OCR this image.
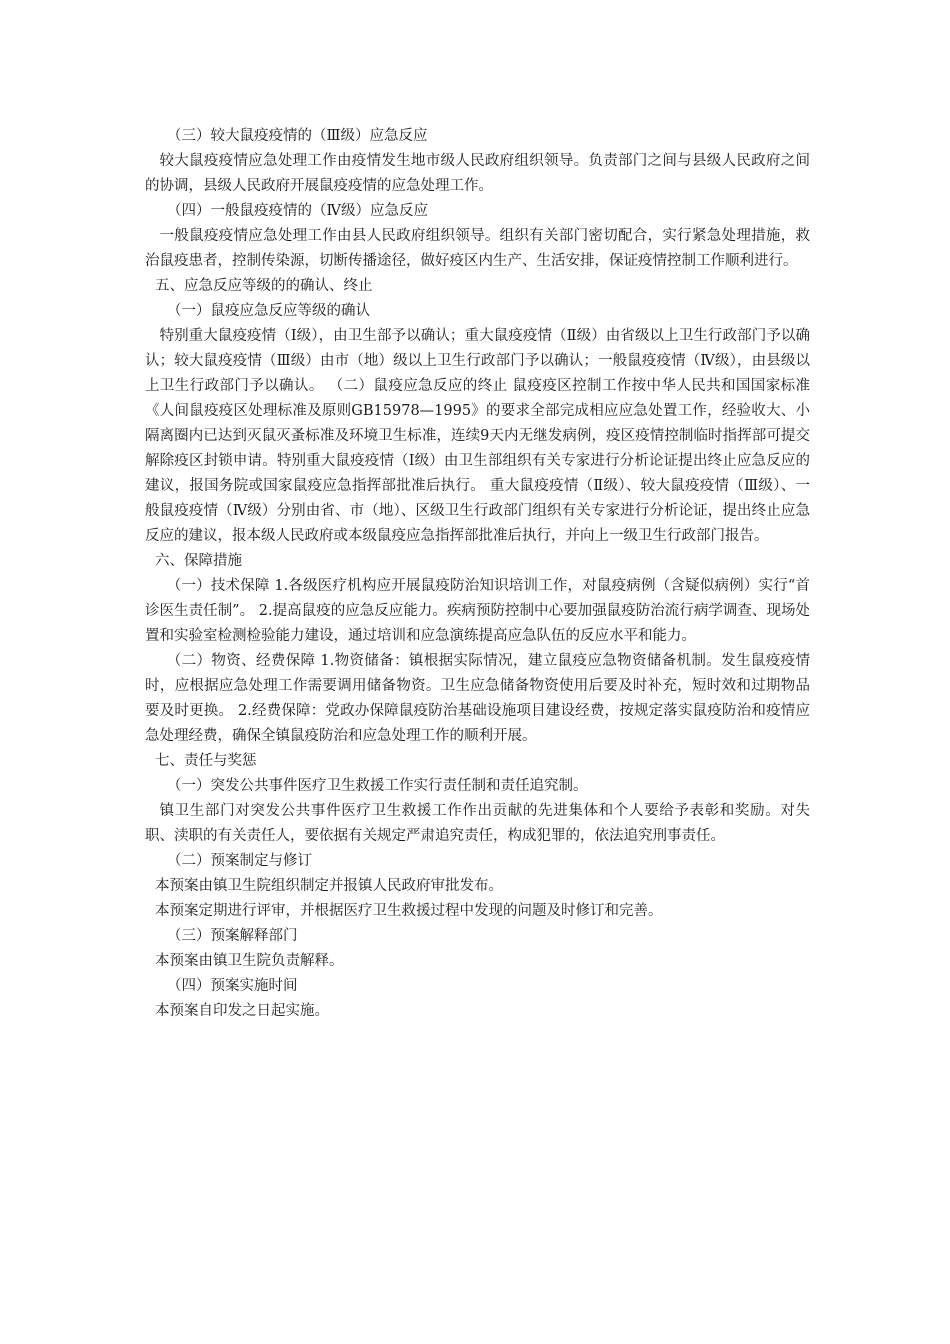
（三）较大鼠疫疫情的（Ⅲ级）应急反应

较大鼠疫疫情应急处理工作由疫情发生地市级人民政府组织领导。负责部门之间与县级人民政府之间的协调，县级人民政府开展鼠疫疫情的应急处理工作。

（四）一般鼠疫疫情的（Ⅳ级）应急反应

一般鼠疫疫情应急处理工作由县人民政府组织领导。组织有关部门密切配合，实行紧急处理措施，救治鼠疫患者，控制传染源，切断传播途径，做好疫区内生产、生活安排，保证疫情控制工作顺利进行。

五、应急反应等级的的确认、终止

（一）鼠疫应急反应等级的确认

特别重大鼠疫疫情（Ⅰ级），由卫生部予以确认；重大鼠疫疫情（Ⅱ级）由省级以上卫生行政部门予以确认；较大鼠疫疫情（Ⅲ级）由市（地）级以上卫生行政部门予以确认；一般鼠疫疫情（Ⅳ级），由县级以上卫生行政部门予以确认。 （二）鼠疫应急反应的终止 鼠疫疫区控制工作按中华人民共和国国家标准《人间鼠疫疫区处理标准及原则GB15978—1995》的要求全部完成相应应急处置工作，经验收大、小隔离圈内已达到灭鼠灭蚤标准及环境卫生标准，连续9天内无继发病例，疫区疫情控制临时指挥部可提交解除疫区封锁申请。特别重大鼠疫疫情（Ⅰ级）由卫生部组织有关专家进行分析论证提出终止应急反应的建议，报国务院或国家鼠疫应急指挥部批准后执行。 重大鼠疫疫情（Ⅱ级）、较大鼠疫疫情（Ⅲ级）、一般鼠疫疫情（Ⅳ级）分别由省、市（地）、区级卫生行政部门组织有关专家进行分析论证，提出终止应急反应的建议，报本级人民政府或本级鼠疫应急指挥部批准后执行，并向上一级卫生行政部门报告。

六、保障措施

（一）技术保障 1.各级医疗机构应开展鼠疫防治知识培训工作，对鼠疫病例（含疑似病例）实行“首诊医生责任制”。 2.提高鼠疫的应急反应能力。疾病预防控制中心要加强鼠疫防治流行病学调查、现场处置和实验室检测检验能力建设，通过培训和应急演练提高应急队伍的反应水平和能力。

（二）物资、经费保障 1.物资储备：镇根据实际情况，建立鼠疫应急物资储备机制。发生鼠疫疫情时，应根据应急处理工作需要调用储备物资。卫生应急储备物资使用后要及时补充，短时效和过期物品要及时更换。 2.经费保障：党政办保障鼠疫防治基础设施项目建设经费，按规定落实鼠疫防治和疫情应急处理经费，确保全镇鼠疫防治和应急处理工作的顺利开展。

七、责任与奖惩

（一）突发公共事件医疗卫生救援工作实行责任制和责任追究制。

镇卫生部门对突发公共事件医疗卫生救援工作作出贡献的先进集体和个人要给予表彰和奖励。对失职、渎职的有关责任人，要依据有关规定严肃追究责任，构成犯罪的，依法追究刑事责任。

（二）预案制定与修订

本预案由镇卫生院组织制定并报镇人民政府审批发布。

本预案定期进行评审，并根据医疗卫生救援过程中发现的问题及时修订和完善。

（三）预案解释部门

本预案由镇卫生院负责解释。

（四）预案实施时间

本预案自印发之日起实施。
